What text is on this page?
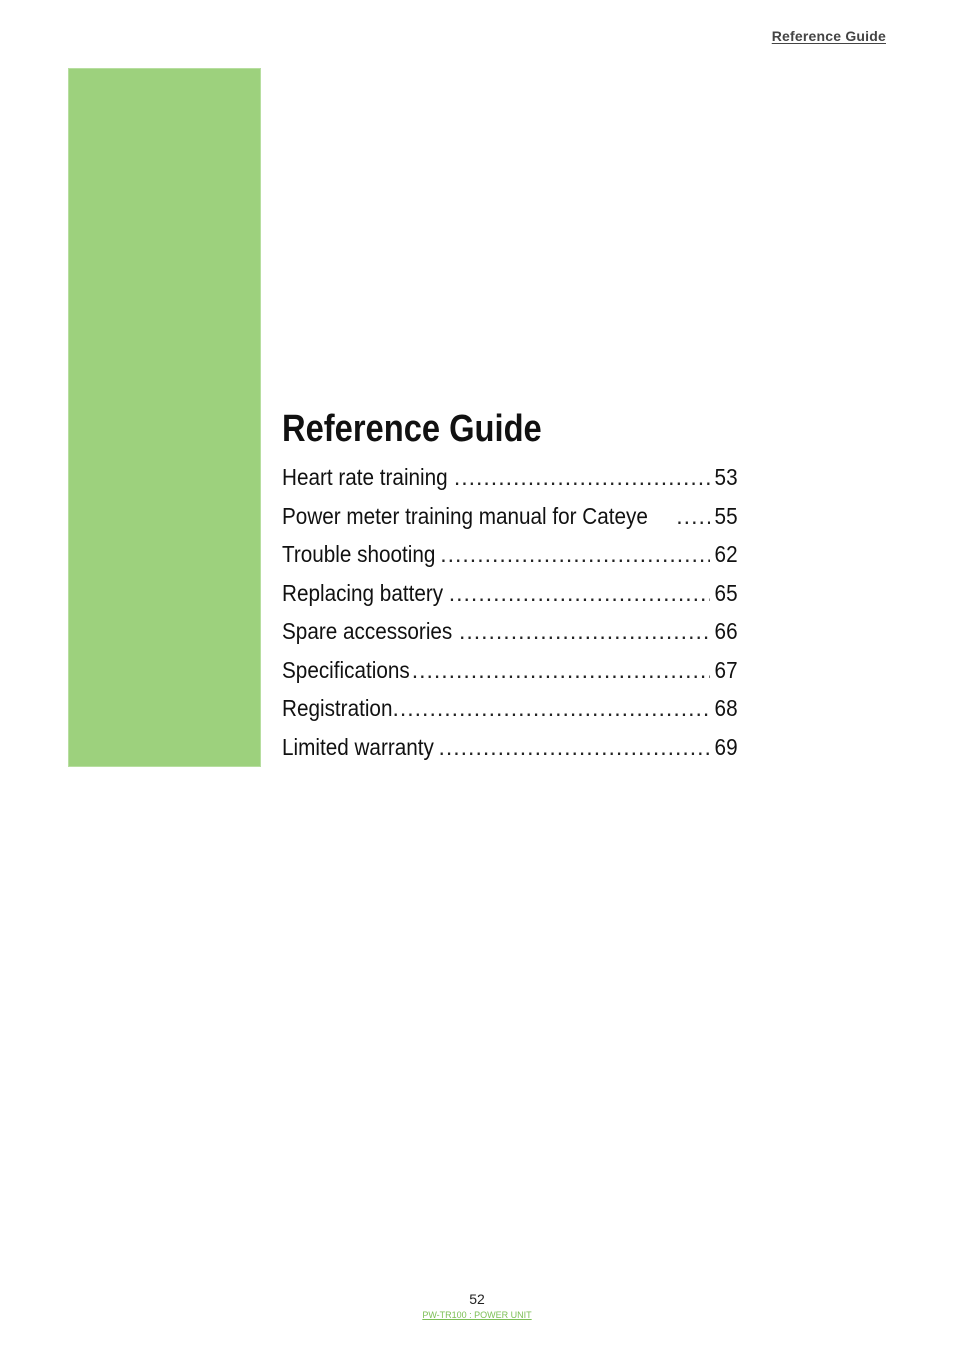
Reference Guide
Reference Guide
Heart rate training .....	53
Power meter training manual for Cateye .....	55
Trouble shooting .....	62
Replacing battery .....	65
Spare accessories .....	66
Specifications .....	67
Registration .....	68
Limited warranty .....	69
52
PW-TR100 : POWER UNIT
